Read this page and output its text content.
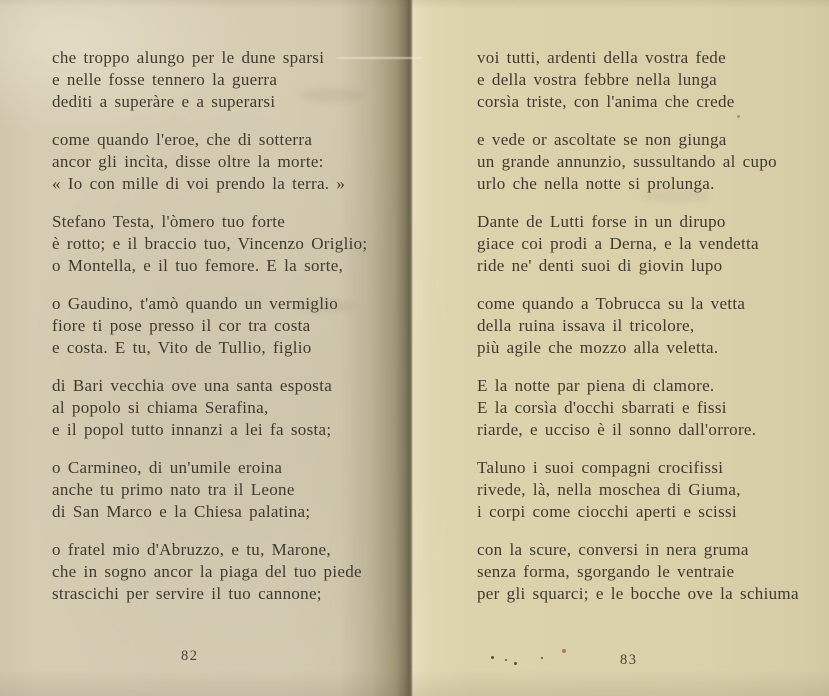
che troppo alungo per le dune sparsi
e nelle fosse tennero la guerra
dediti a superàre e a superarsi

come quando l'eroe, che di sotterra
ancor gli incìta, disse oltre la morte:
« Io con mille di voi prendo la terra. »

Stefano Testa, l'òmero tuo forte
è rotto; e il braccio tuo, Vincenzo Origlio;
o Montella, e il tuo femore. E la sorte,

o Gaudino, t'amò quando un vermiglio
fiore ti pose presso il cor tra costa
e costa. E tu, Vito de Tullio, figlio

di Bari vecchia ove una santa esposta
al popolo si chiama Serafina,
e il popol tutto innanzi a lei fa sosta;

o Carmineo, di un'umile eroina
anche tu primo nato tra il Leone
di San Marco e la Chiesa palatina;

o fratel mio d'Abruzzo, e tu, Marone,
che in sogno ancor la piaga del tuo piede
strascichi per servire il tuo cannone;

voi tutti, ardenti della vostra fede
e della vostra febbre nella lunga
corsìa triste, con l'anima che crede

e vede or ascoltate se non giunga
un grande annunzio, sussultando al cupo
urlo che nella notte si prolunga.

Dante de Lutti forse in un dirupo
giace coi prodi a Derna, e la vendetta
ride ne' denti suoi di giovin lupo

come quando a Tobrucca su la vetta
della ruina issava il tricolore,
più agile che mozzo alla veletta.

E la notte par piena di clamore.
E la corsìa d'occhi sbarrati e fissi
riarde, e ucciso è il sonno dall'orrore.

Taluno i suoi compagni crocifissi
rivede, là, nella moschea di Giuma,
i corpi come ciocchi aperti e scissi

con la scure, conversi in nera gruma
senza forma, sgorgando le ventraie
per gli squarci; e le bocche ove la schiuma

82	83
